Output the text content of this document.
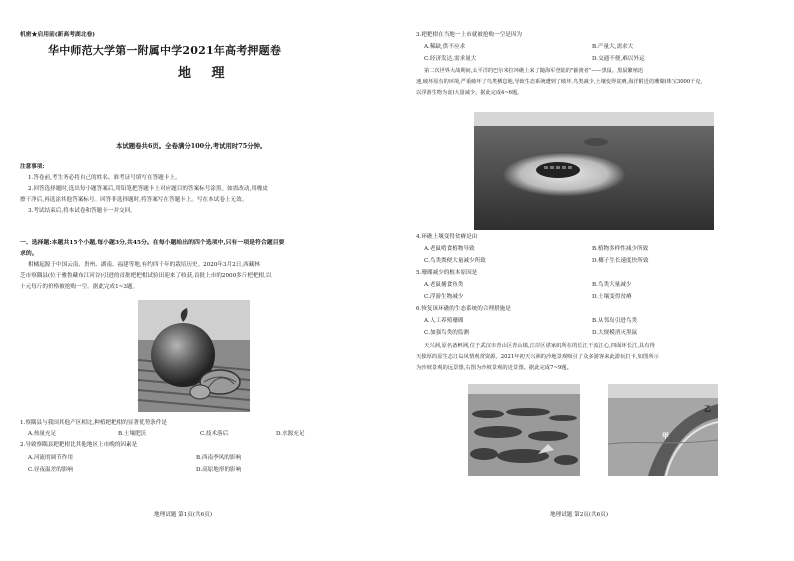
机密★启用前(新高考湖北卷)
华中师范大学第一附属中学2021年高考押题卷
地 理
本试题卷共6页。全卷满分100分,考试用时75分钟。
注意事项:
1.答卷前,考生务必将自己的姓名、准考证号填写在答题卡上。
2.回答选择题时,选出每小题答案后,用铅笔把答题卡上对应题目的答案标号涂黑。如需改动,用橡皮
擦干净后,再选涂其他答案标号。回答非选择题时,将答案写在答题卡上。写在本试卷上无效。
3.考试结束后,将本试卷和答题卡一并交回。
一、选择题:本题共15个小题,每小题3分,共45分。在每小题给出的四个选项中,只有一项是符合题目要
求的。
柑橘起源于中国云南、贵州、湖南、福建等地,有约四千年的栽培历史。2020年3月2日,西藏林
芝市察隅县(位于雅鲁藏布江河谷)引进的首批杷杷柑试验田迎来了收获,首批上市的2000多斤杷杷柑,以
十元每斤的价格被抢购一空。据此完成1~3题。
1.察隅县与我国其他产区相比,种植耙耙柑的显著优势条件是
A.热量充足	B.土壤肥沃	C.技术落后	D.水源充足
2.导致察隅县耙耙柑比其他地区上市晚的因素是
A.河流的调节作用	B.西南季风的影响
C.昼夜温差的影响	D.高原地形的影响
地理试题 第1页(共6页)
3.耙耙柑在当地一上市就被抢购一空是因为
A.稀缺,供不应求	B.产量大,需求大
C.经济发达,需求量大	D.交通不便,难以外运
第二次世界大战期间,太平洋的巴尔米拉环礁上来了随海军登陆的"偷渡者"——黑鼠。黑鼠繁殖迅
速,破坏原有的环境,严重破坏了鸟类栖息地,导致生态系统遭到了破坏,鸟类减少,土壤变得贫瘠,海洋附近的珊瑚(珠宝3000千克,
以浮游生物为食)大量减少。据此完成4~6题。
4.环礁土壤变得贫瘠是由
A.老鼠啃食植物导致	B.植物多样性减少所致
C.鸟类粪便大量减少所致	D.椰子生长速度快所致
5.珊瑚减少的根本原因是
A.老鼠捕食鱼类	B.鸟类大量减少
C.浮游生物减少	D.土壤变得贫瘠
6.恢复该环礁的生态系统的合理措施是
A.人工养殖珊瑚	B.从邻岛引进鸟类
C.加强鸟类的监测	D.大规模消灭黑鼠
天兴洲,原名备鲆洲,位于武汉市青山区青山镇,江岸区谌家矶所在的长江干流江心,四面环长江,具有得
天独厚的原生态江岛风情观赏资源。2021年初天兴洲的沙地景观吸引了众多游客来此游玩打卡,如图所示
为沙坡景观的远景图,右图为沙坡景观的近景图。据此完成7~9题。
甲
乙
地理试题 第2页(共6页)
